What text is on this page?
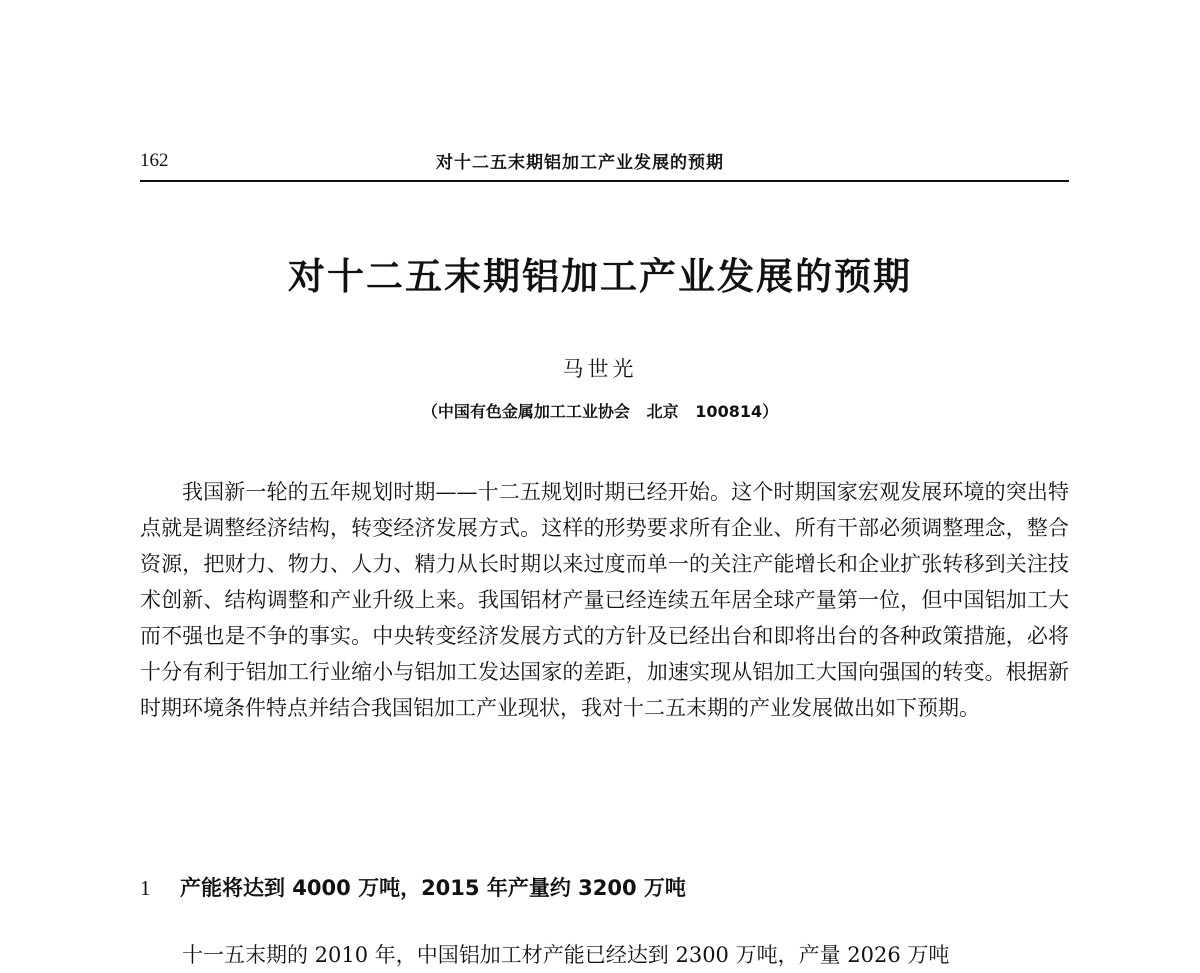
162	对十二五末期铝加工产业发展的预期
对十二五末期铝加工产业发展的预期
马世光
（中国有色金属加工工业协会   北京   100814）

我国新一轮的五年规划时期——十二五规划时期已经开始。这个时期国家宏观发展环境的突出特点就是调整经济结构，转变经济发展方式。这样的形势要求所有企业、所有干部必须调整理念，整合资源，把财力、物力、人力、精力从长时期以来过度而单一的关注产能增长和企业扩张转移到关注技术创新、结构调整和产业升级上来。我国铝材产量已经连续五年居全球产量第一位，但中国铝加工大而不强也是不争的事实。中央转变经济发展方式的方针及已经出台和即将出台的各种政策措施，必将十分有利于铝加工行业缩小与铝加工发达国家的差距，加速实现从铝加工大国向强国的转变。根据新时期环境条件特点并结合我国铝加工产业现状，我对十二五末期的产业发展做出如下预期。

1 产能将达到 4000 万吨，2015 年产量约 3200 万吨
十一五末期的 2010 年，中国铝加工材产能已经达到 2300 万吨，产量 2026 万吨
